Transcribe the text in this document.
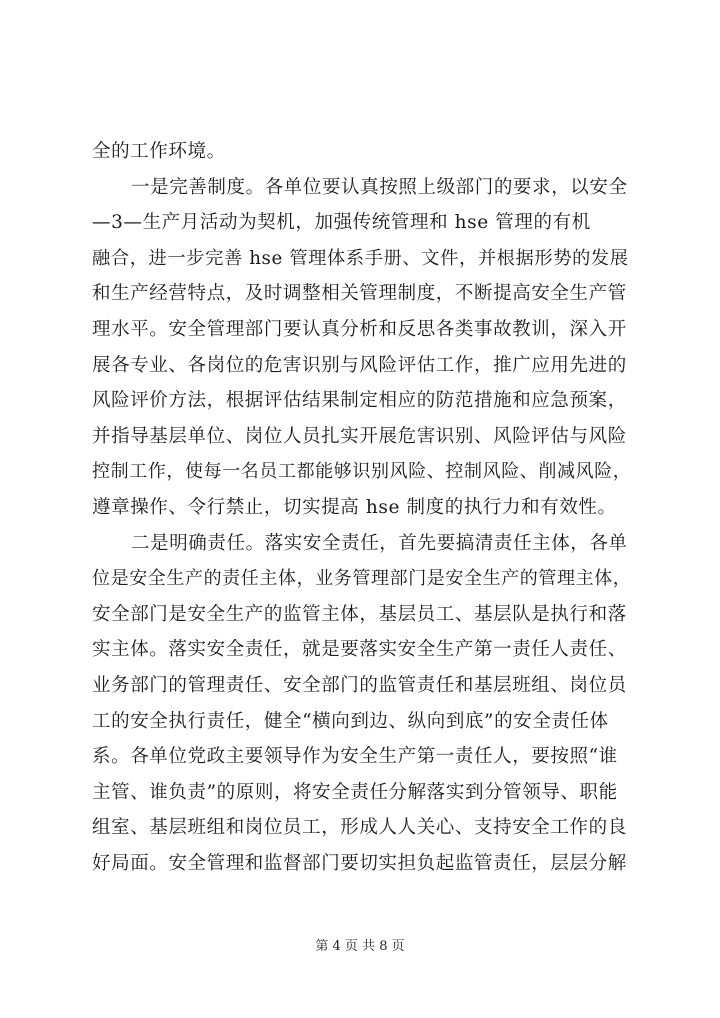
全的工作环境。
一是完善制度。各单位要认真按照上级部门的要求，以安全
—3—生产月活动为契机，加强传统管理和 hse 管理的有机
融合，进一步完善 hse 管理体系手册、文件，并根据形势的发展
和生产经营特点，及时调整相关管理制度，不断提高安全生产管
理水平。安全管理部门要认真分析和反思各类事故教训，深入开
展各专业、各岗位的危害识别与风险评估工作，推广应用先进的
风险评价方法，根据评估结果制定相应的防范措施和应急预案，
并指导基层单位、岗位人员扎实开展危害识别、风险评估与风险
控制工作，使每一名员工都能够识别风险、控制风险、削减风险，
遵章操作、令行禁止，切实提高 hse 制度的执行力和有效性。
二是明确责任。落实安全责任，首先要搞清责任主体，各单
位是安全生产的责任主体，业务管理部门是安全生产的管理主体，
安全部门是安全生产的监管主体，基层员工、基层队是执行和落
实主体。落实安全责任，就是要落实安全生产第一责任人责任、
业务部门的管理责任、安全部门的监管责任和基层班组、岗位员
工的安全执行责任，健全“横向到边、纵向到底”的安全责任体
系。各单位党政主要领导作为安全生产第一责任人，要按照“谁
主管、谁负责”的原则，将安全责任分解落实到分管领导、职能
组室、基层班组和岗位员工，形成人人关心、支持安全工作的良
好局面。安全管理和监督部门要切实担负起监管责任，层层分解
第 4 页 共 8 页
